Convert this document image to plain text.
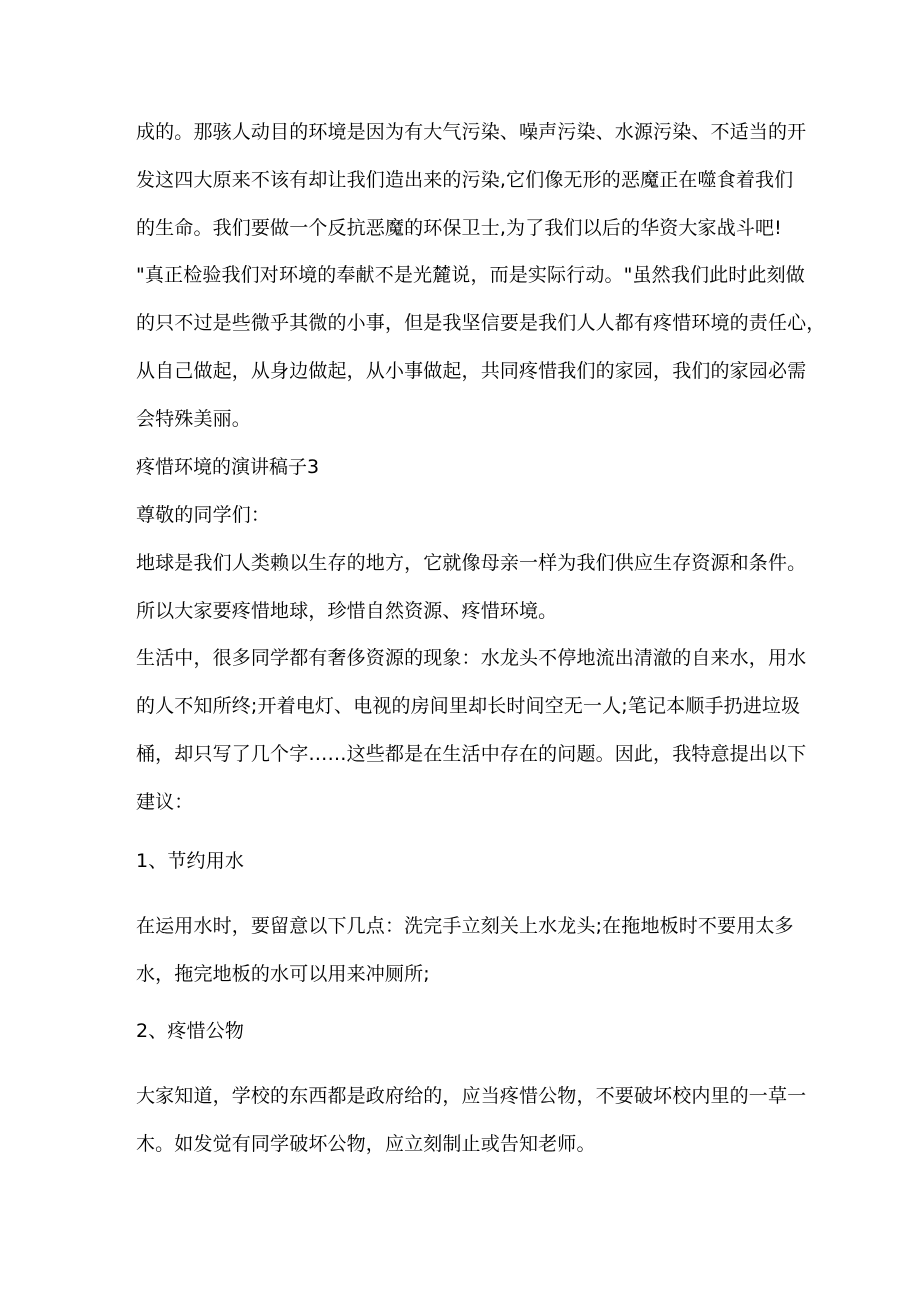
成的。那骇人动目的环境是因为有大气污染、噪声污染、水源污染、不适当的开
发这四大原来不该有却让我们造出来的污染,它们像无形的恶魔正在噬食着我们
的生命。我们要做一个反抗恶魔的环保卫士,为了我们以后的华资大家战斗吧!
"真正检验我们对环境的奉献不是光麓说，而是实际行动。"虽然我们此时此刻做
的只不过是些微乎其微的小事，但是我坚信要是我们人人都有疼惜环境的责任心，
从自己做起，从身边做起，从小事做起，共同疼惜我们的家园，我们的家园必需
会特殊美丽。
疼惜环境的演讲稿子3
尊敬的同学们：
地球是我们人类赖以生存的地方，它就像母亲一样为我们供应生存资源和条件。
所以大家要疼惜地球，珍惜自然资源、疼惜环境。
生活中，很多同学都有奢侈资源的现象：水龙头不停地流出清澈的自来水，用水
的人不知所终;开着电灯、电视的房间里却长时间空无一人;笔记本顺手扔进垃圾
桶，却只写了几个字……这些都是在生活中存在的问题。因此，我特意提出以下
建议：
1、节约用水
在运用水时，要留意以下几点：洗完手立刻关上水龙头;在拖地板时不要用太多
水，拖完地板的水可以用来冲厕所;
2、疼惜公物
大家知道，学校的东西都是政府给的，应当疼惜公物，不要破坏校内里的一草一
木。如发觉有同学破坏公物，应立刻制止或告知老师。
